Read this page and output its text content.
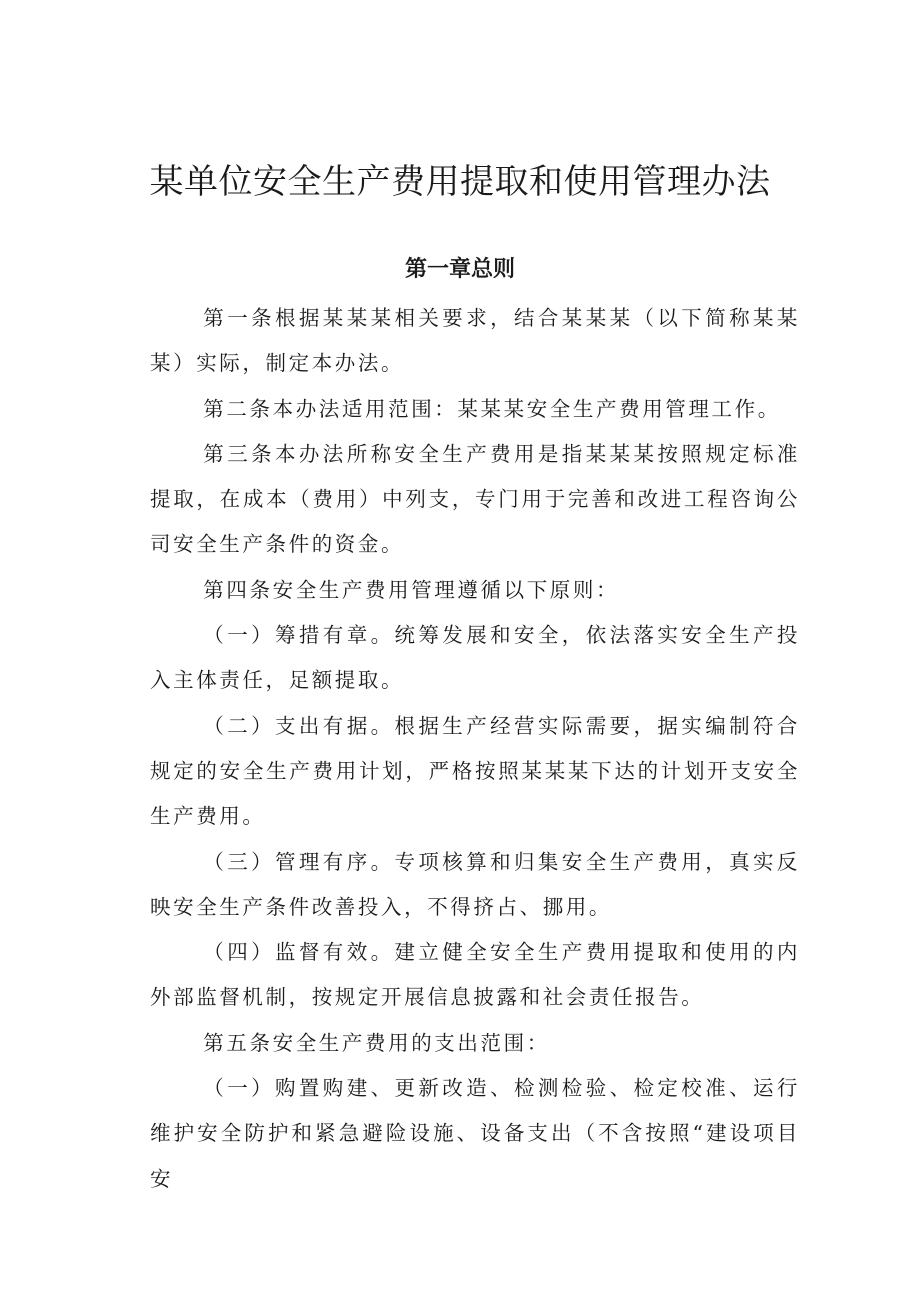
某单位安全生产费用提取和使用管理办法
第一章总则

第一条根据某某某相关要求，结合某某某（以下简称某某某）实际，制定本办法。

第二条本办法适用范围：某某某安全生产费用管理工作。

第三条本办法所称安全生产费用是指某某某按照规定标准提取，在成本（费用）中列支，专门用于完善和改进工程咨询公司安全生产条件的资金。

第四条安全生产费用管理遵循以下原则：

（一）筹措有章。统筹发展和安全，依法落实安全生产投入主体责任，足额提取。

（二）支出有据。根据生产经营实际需要，据实编制符合规定的安全生产费用计划，严格按照某某某下达的计划开支安全生产费用。

（三）管理有序。专项核算和归集安全生产费用，真实反映安全生产条件改善投入，不得挤占、挪用。

（四）监督有效。建立健全安全生产费用提取和使用的内外部监督机制，按规定开展信息披露和社会责任报告。

第五条安全生产费用的支出范围：

（一）购置购建、更新改造、检测检验、检定校准、运行维护安全防护和紧急避险设施、设备支出（不含按照“建设项目安
